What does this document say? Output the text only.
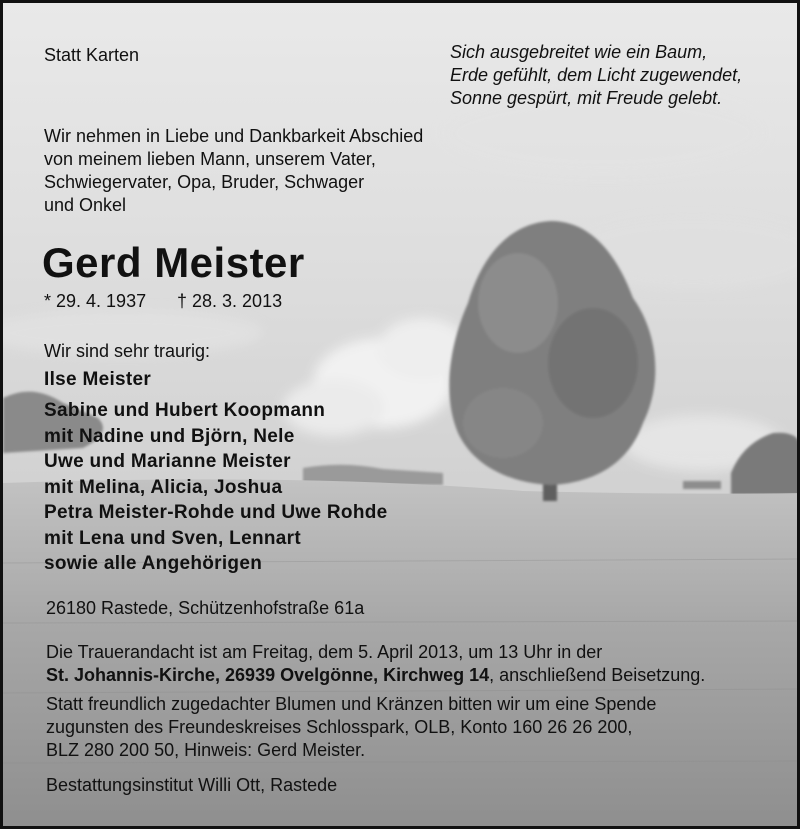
Statt Karten	Sich ausgebreitet wie ein Baum,
Erde gefühlt, dem Licht zugewendet,
Sonne gespürt, mit Freude gelebt.
Wir nehmen in Liebe und Dankbarkeit Abschied
von meinem lieben Mann, unserem Vater,
Schwiegervater, Opa, Bruder, Schwager
und Onkel
Gerd Meister
* 29. 4. 1937 † 28. 3. 2013
Wir sind sehr traurig:
Ilse Meister
Sabine und Hubert Koopmann
mit Nadine und Björn, Nele
Uwe und Marianne Meister
mit Melina, Alicia, Joshua
Petra Meister-Rohde und Uwe Rohde
mit Lena und Sven, Lennart
sowie alle Angehörigen
26180 Rastede, Schützenhofstraße 61a
Die Trauerandacht ist am Freitag, dem 5. April 2013, um 13 Uhr in der
St. Johannis-Kirche, 26939 Ovelgönne, Kirchweg 14, anschließend Beisetzung.
Statt freundlich zugedachter Blumen und Kränzen bitten wir um eine Spende
zugunsten des Freundeskreises Schlosspark, OLB, Konto 160 26 26 200,
BLZ 280 200 50, Hinweis: Gerd Meister.
Bestattungsinstitut Willi Ott, Rastede
